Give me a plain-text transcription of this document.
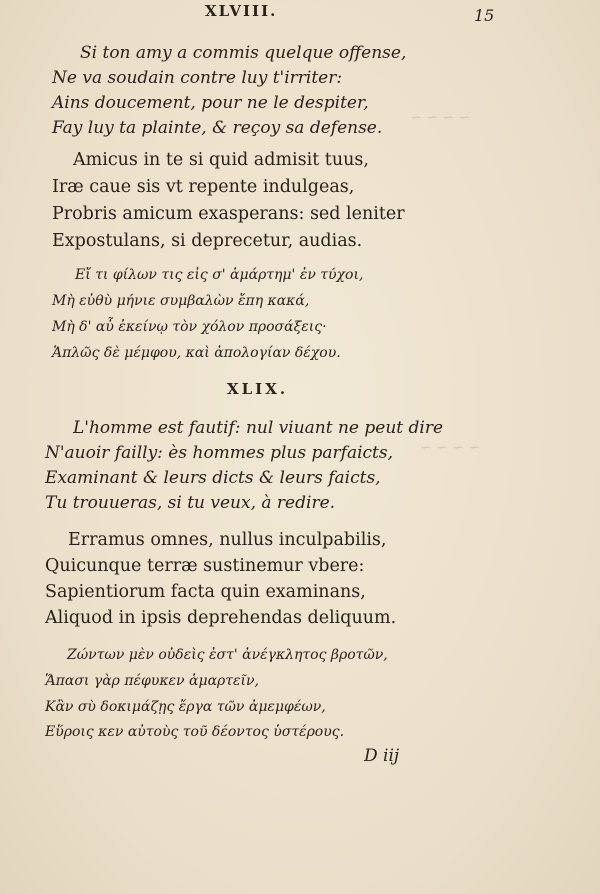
~ ~ ~ ~
~ ~ ~ ~
XLVIII.	15
Si ton amy a commis quelque offense,
Ne va soudain contre luy t'irriter:
Ains doucement, pour ne le despiter,
Fay luy ta plainte, & reçoy sa defense.
Amicus in te si quid admisit tuus,
Iræ caue sis vt repente indulgeas,
Probris amicum exasperans: sed leniter
Expostulans, si deprecetur, audias.
Εἴ τι φίλων τις εἰς σ' ἁμάρτημ' ἐν τύχοι,
Μὴ εὐθὺ μήνιε συμβαλὼν ἔπη κακά,
Μὴ δ' αὖ ἐκείνῳ τὸν χόλον προσάξεις·
Ἁπλῶς δὲ μέμφου, καὶ ἀπολογίαν δέχου.
XLIX.
L'homme est fautif: nul viuant ne peut dire
N'auoir failly: ès hommes plus parfaicts,
Examinant & leurs dicts & leurs faicts,
Tu trouueras, si tu veux, à redire.
Erramus omnes, nullus inculpabilis,
Quicunque terræ sustinemur vbere:
Sapientiorum facta quin examinans,
Aliquod in ipsis deprehendas deliquum.
Ζώντων μὲν οὐδεὶς ἐστ' ἀνέγκλητος βροτῶν,
Ἅπασι γὰρ πέφυκεν ἁμαρτεῖν,
Κἂν σὺ δοκιμάζῃς ἔργα τῶν ἀμεμφέων,
Εὕροις κεν αὐτοὺς τοῦ δέοντος ὑστέρους.
D iij
